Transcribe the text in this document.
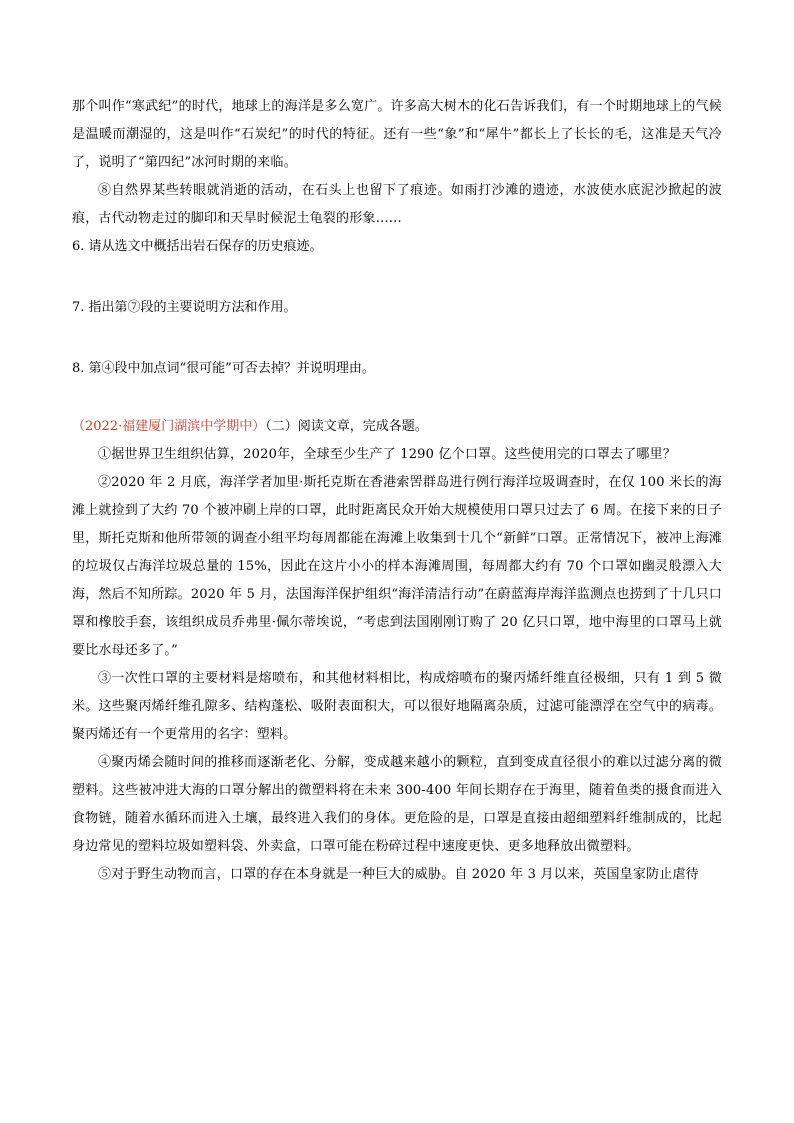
那个叫作“寒武纪”的时代，地球上的海洋是多么宽广。许多高大树木的化石告诉我们，有一个时期地球上的气候是温暖而潮湿的，这是叫作“石炭纪”的时代的特征。还有一些“象”和“犀牛”都长上了长长的毛，这准是天气冷了，说明了“第四纪”冰河时期的来临。

⑧自然界某些转眼就消逝的活动，在石头上也留下了痕迹。如雨打沙滩的遗迹，水波使水底泥沙掀起的波痕，古代动物走过的脚印和天旱时候泥土龟裂的形象……

6. 请从选文中概括出岩石保存的历史痕迹。

7. 指出第⑦段的主要说明方法和作用。

8. 第④段中加点词“很可能”可否去掉？并说明理由。

（2022·福建厦门湖滨中学期中）（二）阅读文章，完成各题。

①据世界卫生组织估算，2020年，全球至少生产了 1290 亿个口罩。这些使用完的口罩去了哪里？

②2020 年 2 月底，海洋学者加里·斯托克斯在香港索罟群岛进行例行海洋垃圾调查时，在仅 100 米长的海滩上就捡到了大约 70 个被冲刷上岸的口罩，此时距离民众开始大规模使用口罩只过去了 6 周。在接下来的日子里，斯托克斯和他所带领的调查小组平均每周都能在海滩上收集到十几个“新鲜”口罩。正常情况下，被冲上海滩的垃圾仅占海洋垃圾总量的 15%，因此在这片小小的样本海滩周围，每周都大约有 70 个口罩如幽灵般漂入大海，然后不知所踪。2020 年 5 月，法国海洋保护组织“海洋清洁行动”在蔚蓝海岸海洋监测点也捞到了十几只口罩和橡胶手套，该组织成员乔弗里·佩尔蒂埃说，“考虑到法国刚刚订购了 20 亿只口罩，地中海里的口罩马上就要比水母还多了。”

③一次性口罩的主要材料是熔喷布，和其他材料相比，构成熔喷布的聚丙烯纤维直径极细，只有 1 到 5 微米。这些聚丙烯纤维孔隙多、结构蓬松、吸附表面积大，可以很好地隔离杂质，过滤可能漂浮在空气中的病毒。聚丙烯还有一个更常用的名字：塑料。

④聚丙烯会随时间的推移而逐渐老化、分解，变成越来越小的颗粒，直到变成直径很小的难以过滤分离的微塑料。这些被冲进大海的口罩分解出的微塑料将在未来 300-400 年间长期存在于海里，随着鱼类的摄食而进入食物链，随着水循环而进入土壤，最终进入我们的身体。更危险的是，口罩是直接由超细塑料纤维制成的，比起身边常见的塑料垃圾如塑料袋、外卖盒，口罩可能在粉碎过程中速度更快、更多地释放出微塑料。

⑤对于野生动物而言，口罩的存在本身就是一种巨大的威胁。自 2020 年 3 月以来，英国皇家防止虐待
